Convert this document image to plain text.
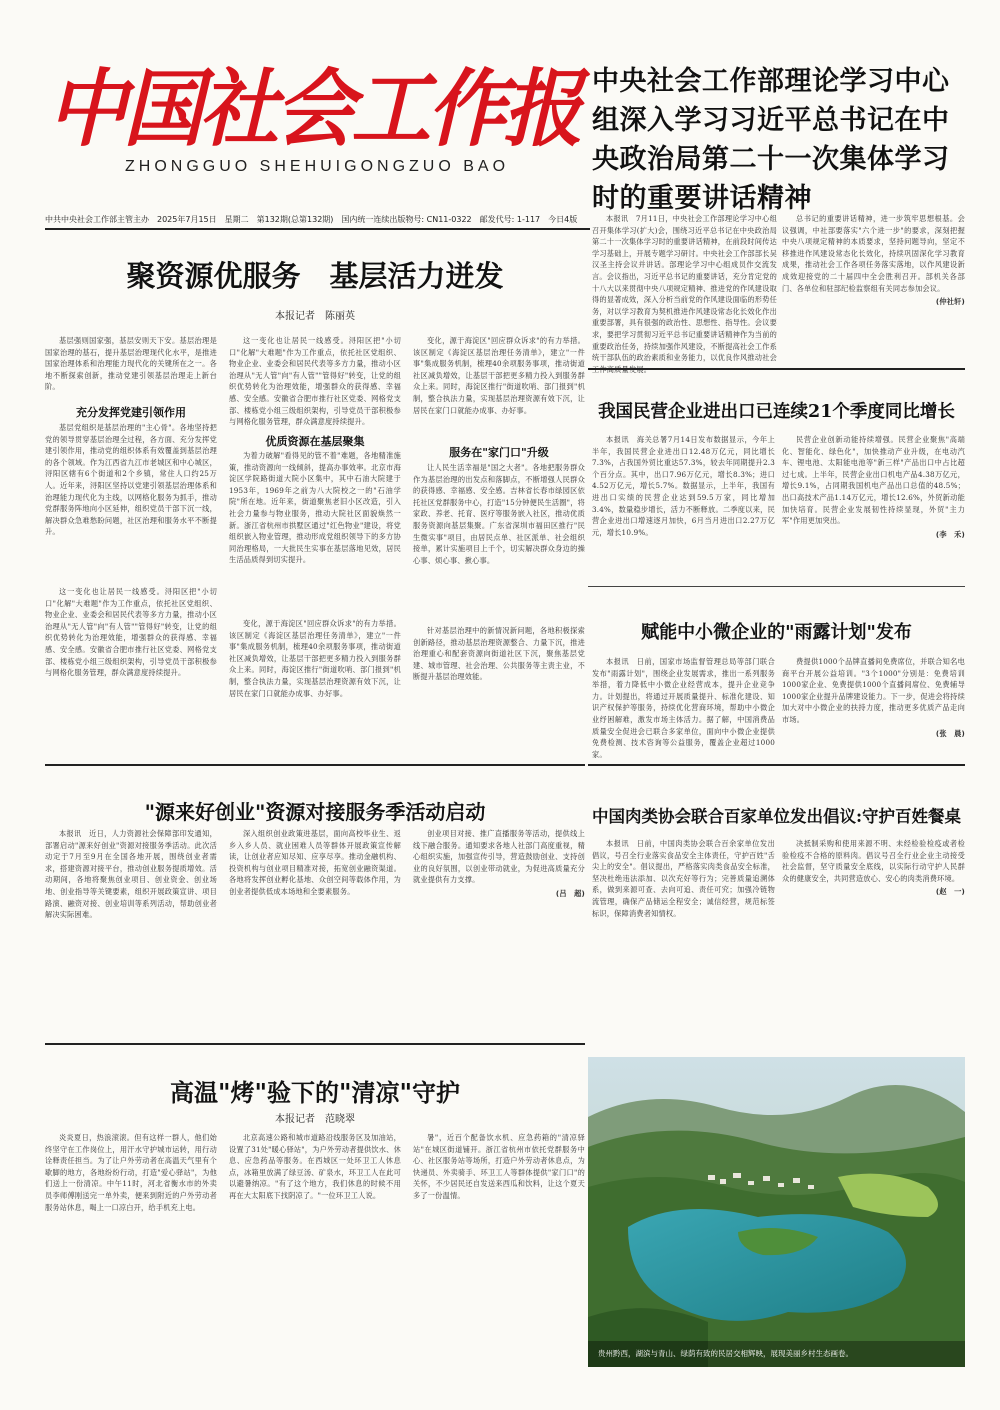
中国社会工作报
ZHONGGUO SHEHUIGONGZUO BAO
中央社会工作部理论学习中心组深入学习习近平总书记在中央政治局第二十一次集体学习时的重要讲话精神
中共中央社会工作部主管主办　2025年7月15日　星期二　第132期(总第132期)　国内统一连续出版物号: CN11-0322　邮发代号: 1-117　今日4版	本报讯　7月11日，中央社会工作部理论学习中心组召开集体学习(扩大)会，围绕习近平总书记在中央政治局第二十一次集体学习时的重要讲话精神，在前段时间传达学习基础上，开展专题学习研讨。中央社会工作部部长吴汉圣主持会议并讲话。部理论学习中心组成员作交流发言。会议指出，习近平总书记的重要讲话，充分肯定党的十八大以来贯彻中央八项规定精神、推进党的作风建设取得的显著成效，深入分析当前党的作风建设面临的形势任务，对以学习教育为契机推进作风建设常态化长效化作出重要部署，具有很强的政治性、思想性、指导性。会议要求，要把学习贯彻习近平总书记重要讲话精神作为当前的重要政治任务，持续加强作风建设，不断提高社会工作系统干部队伍的政治素质和业务能力，以优良作风推动社会

总书记的重要讲话精神，进一步筑牢思想根基。会议强调，中社部要落实"六个进一步"的要求，深刻把握中央八项规定精神的本质要求，坚持问题导向，坚定不移推进作风建设常态化长效化，持续巩固深化学习教育成果，推动社会工作各项任务落实落地，以作风建设新成效迎接党的二十届四中全会胜利召开。部机关各部门、各单位和驻部纪检监察组有关同志参加会议。

(仲社轩)

聚资源优服务　基层活力迸发
本报记者　陈丽英

基层强则国家强，基层安则天下安。基层治理是国家治理的基石，提升基层治理现代化水平，是推进国家治理体系和治理能力现代化的关键所在之一。各地不断探索创新，推动党建引领基层治理走上新台阶。

充分发挥党建引领作用

基层党组织是基层治理的"主心骨"。各地坚持把党的领导贯穿基层治理全过程，各方面、充分发挥党建引领作用，推动党的组织体系有效覆盖到基层治理的各个领域。作为江西省九江市老城区和中心城区，浔阳区辖有6个街道和2个乡镇，常住人口约25万人。近年来，浔阳区坚持以党建引领基层治理体系和治理能力现代化为主线，以网格化服务为抓手，推动党群服务阵地向小区延伸，组织党员干部下沉一线，解决群众急难愁盼问题，社区治理和服务水平不断提升。

这一变化也让居民一线感受。浔阳区把"小切口"化解"大难题"作为工作重点，依托社区党组织、物业企业、业委会和居民代表等多方力量，推动小区治理从"无人管"向"有人管""管得好"转变，让党的组织优势转化为治理效能，增强群众的获得感、幸福感、安全感。安徽省合肥市推行社区党委、网格党支部、楼栋党小组三级组织架构，引导党员干部积极参与网格化服务管理，群众满意度持续提升。

这一变化也让居民一线感受。浔阳区把"小切口"化解"大难题"作为工作重点，依托社区党组织、物业企业、业委会和居民代表等多方力量，推动小区治理从"无人管"向"有人管""管得好"转变，让党的组织优势转化为治理效能，增强群众的获得感、幸福感、安全感。安徽省合肥市推行社区党委、网格党支部、楼栋党小组三级组织架构，引导党员干部积极参与网格化服务管理，群众满意度持续提升。

优质资源在基层聚集

为着力破解"看得见的管不着"难题，各地精准施策，推动资源向一线倾斜，提高办事效率。北京市海淀区学院路街道大院小区集中，其中石油大院建于1953年，1969年之前为八大院校之一的"石油学院"所在地。近年来，街道聚焦老旧小区改造，引入社会力量参与物业服务，推动大院社区面貌焕然一新。浙江省杭州市拱墅区通过"红色物业"建设，将党组织嵌入物业管理，推动形成党组织领导下的多方协同治理格局，一大批民生实事在基层落地见效，居民生活品质得到切实提升。

变化，源于海淀区"回应群众诉求"的有力举措。该区制定《海淀区基层治理任务清单》，建立"一件事"集成服务机制，梳理40余项服务事项，推动街道社区减负增效，让基层干部把更多精力投入到服务群众上来。同时，海淀区推行"街道吹哨、部门报到"机制，整合执法力量，实现基层治理资源有效下沉，让居民在家门口就能办成事、办好事。

变化，源于海淀区"回应群众诉求"的有力举措。该区制定《海淀区基层治理任务清单》，建立"一件事"集成服务机制，梳理40余项服务事项，推动街道社区减负增效，让基层干部把更多精力投入到服务群众上来。同时，海淀区推行"街道吹哨、部门报到"机制，整合执法力量，实现基层治理资源有效下沉，让居民在家门口就能办成事、办好事。

服务在"家门口"升级

让人民生活幸福是"国之大者"。各地把服务群众作为基层治理的出发点和落脚点，不断增强人民群众的获得感、幸福感、安全感。吉林省长春市绿园区依托社区党群服务中心，打造"15分钟便民生活圈"，将家政、养老、托育、医疗等服务嵌入社区，推动优质服务资源向基层集聚。广东省深圳市福田区推行"民生微实事"项目，由居民点单、社区派单、社会组织接单，累计实施项目上千个，切实解决群众身边的操心事、烦心事、揪心事。

针对基层治理中的新情况新问题，各地积极探索创新路径，推动基层治理资源整合、力量下沉，推进治理重心和配套资源向街道社区下沉，聚焦基层党建、城市管理、社会治理、公共服务等主责主业，不断提升基层治理效能。

我国民营企业进出口已连续21个季度同比增长

本报讯　海关总署7月14日发布数据显示，今年上半年，我国民营企业进出口12.48万亿元，同比增长7.3%，占我国外贸比重达57.3%，较去年同期提升2.3个百分点。其中，出口7.96万亿元，增长8.3%；进口4.52万亿元，增长5.7%。数据显示，上半年，我国有进出口实绩的民营企业达到59.5万家，同比增加3.4%，数量稳步增长，活力不断释放。二季度以来，民营企业进出口增速逐月加快，6月当月进出口2.27万亿元，增长10.9%。

民营企业创新动能持续增强。民营企业聚焦"高端化、智能化、绿色化"，加快推动产业升级，在电动汽车、锂电池、太阳能电池等"新三样"产品出口中占比超过七成。上半年，民营企业出口机电产品4.38万亿元，增长9.1%，占同期我国机电产品出口总值的48.5%；出口高技术产品1.14万亿元，增长12.6%，外贸新动能加快培育。民营企业发展韧性持续显现，外贸"主力军"作用更加突出。

(李　禾)

赋能中小微企业的"雨露计划"发布

本报讯　日前，国家市场监督管理总局等部门联合发布"雨露计划"，围绕企业发展需求，推出一系列服务举措，着力降低中小微企业经营成本，提升企业竞争力。计划提出，将通过开展质量提升、标准化建设、知识产权保护等服务，持续优化营商环境，帮助中小微企业纾困解难，激发市场主体活力。据了解，中国消费品质量安全促进会已联合多家单位，面向中小微企业提供免费检测、技术咨询等公益服务，覆盖企业超过1000家。

费提供1000个品牌直播间免费席位，并联合知名电商平台开展公益培训。"3个1000"分别是：免费培训1000家企业、免费提供1000个直播间席位、免费辅导1000家企业提升品牌建设能力。下一步，促进会将持续加大对中小微企业的扶持力度，推动更多优质产品走向市场。

(张　晨)

中国肉类协会联合百家单位发出倡议:守护百姓餐桌

本报讯　日前，中国肉类协会联合百余家单位发出倡议，号召全行业落实食品安全主体责任，守护百姓"舌尖上的安全"。倡议提出，严格落实肉类食品安全标准，坚决杜绝违法添加、以次充好等行为；完善质量追溯体系，做到来源可查、去向可追、责任可究；加强冷链物流管理，确保产品储运全程安全；诚信经营，规范标签标识，保障消费者知情权。

决抵制采购和使用来源不明、未经检验检疫或者检验检疫不合格的原料肉。倡议号召全行业企业主动接受社会监督，坚守质量安全底线，以实际行动守护人民群众的健康安全，共同营造放心、安心的肉类消费环境。

(赵　一)

"源来好创业"资源对接服务季活动启动

本报讯　近日，人力资源社会保障部印发通知，部署启动"源来好创业"资源对接服务季活动。此次活动定于7月至9月在全国各地开展，围绕创业者需求，搭建资源对接平台，推动创业服务提质增效。活动期间，各地将聚焦创业项目、创业资金、创业场地、创业指导等关键要素，组织开展政策宣讲、项目路演、融资对接、创业培训等系列活动，帮助创业者解决实际困难。

深入组织创业政策进基层，面向高校毕业生、返乡入乡人员、就业困难人员等群体开展政策宣传解读，让创业者应知尽知、应享尽享。推动金融机构、投资机构与创业项目精准对接，拓宽创业融资渠道。各地将发挥创业孵化基地、众创空间等载体作用，为创业者提供低成本场地和全要素服务。

创业项目对接、推广直播服务等活动，提供线上线下融合服务。通知要求各地人社部门高度重视，精心组织实施，加强宣传引导，营造鼓励创业、支持创业的良好氛围，以创业带动就业，为促进高质量充分就业提供有力支撑。

(吕　超)

高温"烤"验下的"清凉"守护
本报记者　范晓翠

炎炎夏日，热浪滚滚。但有这样一群人，他们始终坚守在工作岗位上，用汗水守护城市运转，用行动诠释责任担当。为了让户外劳动者在高温天气里有个歇脚的地方，各地纷纷行动，打造"爱心驿站"，为他们送上一份清凉。中午11时，河北省衡水市的外卖员李师傅刚送完一单外卖，便来到附近的户外劳动者服务站休息，喝上一口凉白开，给手机充上电。

北京高速公路和城市道路沿线服务区及加油站，设置了31处"暖心驿站"，为户外劳动者提供饮水、休息、应急药品等服务。在西城区一处环卫工人休息点，冰箱里放满了绿豆汤、矿泉水，环卫工人在此可以避暑纳凉。"有了这个地方，我们休息的时候不用再在大太阳底下找阴凉了。"一位环卫工人说。

暑"，近百个配备饮水机、应急药箱的"清凉驿站"在城区街道铺开。浙江省杭州市依托党群服务中心、社区服务站等场所，打造户外劳动者休息点，为快递员、外卖骑手、环卫工人等群体提供"家门口"的关怀，不少居民还自发送来西瓜和饮料，让这个夏天多了一份温情。

贵州黔西，湖滨与青山、绿荫有致的民居交相辉映，展现美丽乡村生态画卷。
